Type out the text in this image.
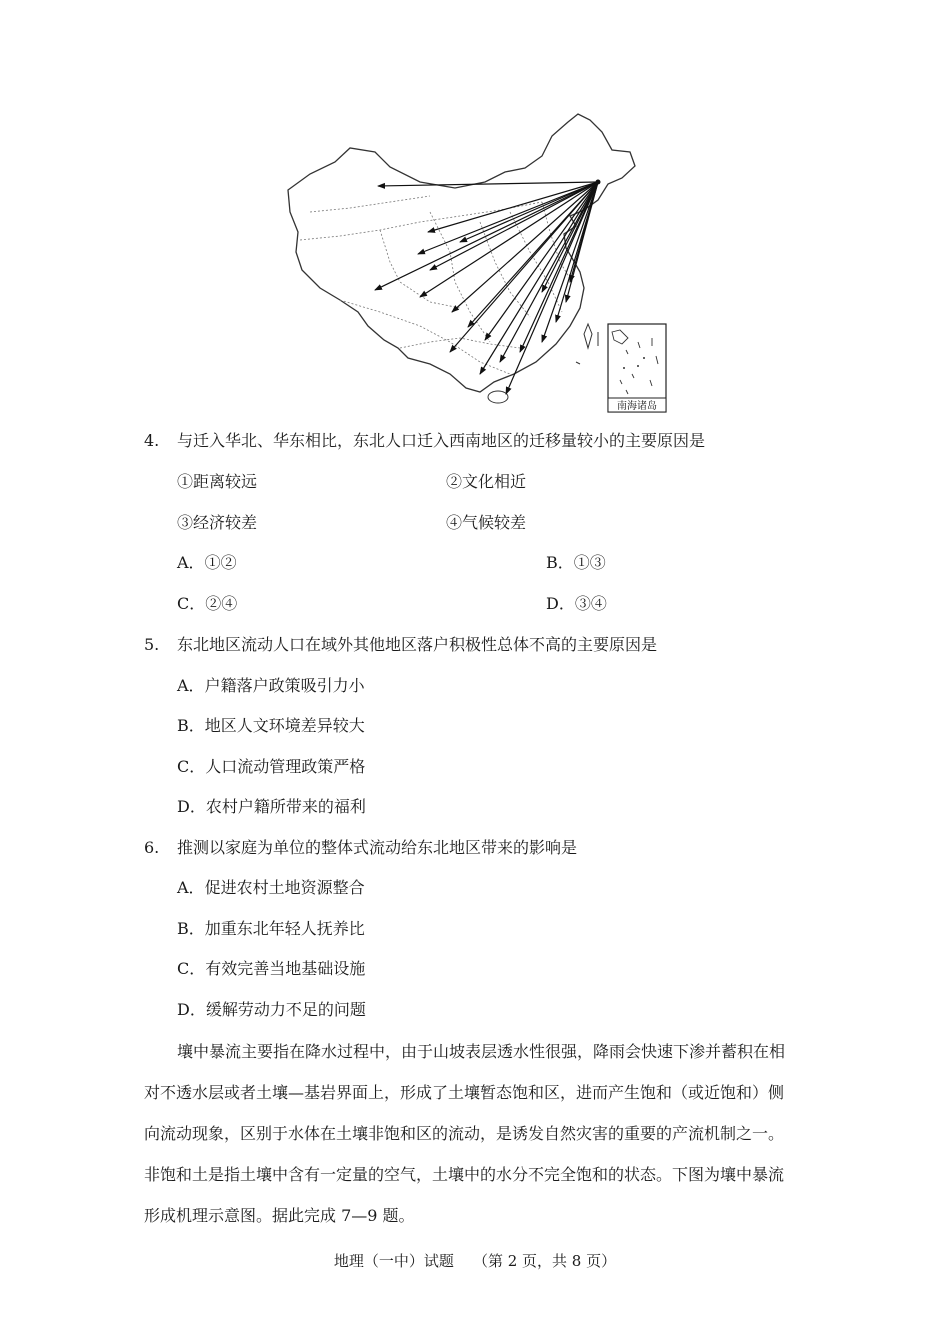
南海诸岛
4. 与迁入华北、华东相比，东北人口迁入西南地区的迁移量较小的主要原因是
①距离较远	②文化相近
③经济较差	④气候较差
A．①②	B．①③
C．②④	D．③④
5. 东北地区流动人口在域外其他地区落户积极性总体不高的主要原因是
A．户籍落户政策吸引力小
B．地区人文环境差异较大
C．人口流动管理政策严格
D．农村户籍所带来的福利
6. 推测以家庭为单位的整体式流动给东北地区带来的影响是
A．促进农村土地资源整合
B．加重东北年轻人抚养比
C．有效完善当地基础设施
D．缓解劳动力不足的问题
壤中暴流主要指在降水过程中，由于山坡表层透水性很强，降雨会快速下渗并蓄积在相
对不透水层或者土壤—基岩界面上，形成了土壤暂态饱和区，进而产生饱和（或近饱和）侧
向流动现象，区别于水体在土壤非饱和区的流动，是诱发自然灾害的重要的产流机制之一。
非饱和土是指土壤中含有一定量的空气，土壤中的水分不完全饱和的状态。下图为壤中暴流
形成机理示意图。据此完成 7—9 题。
地理（一中）试题 （第 2 页，共 8 页）
